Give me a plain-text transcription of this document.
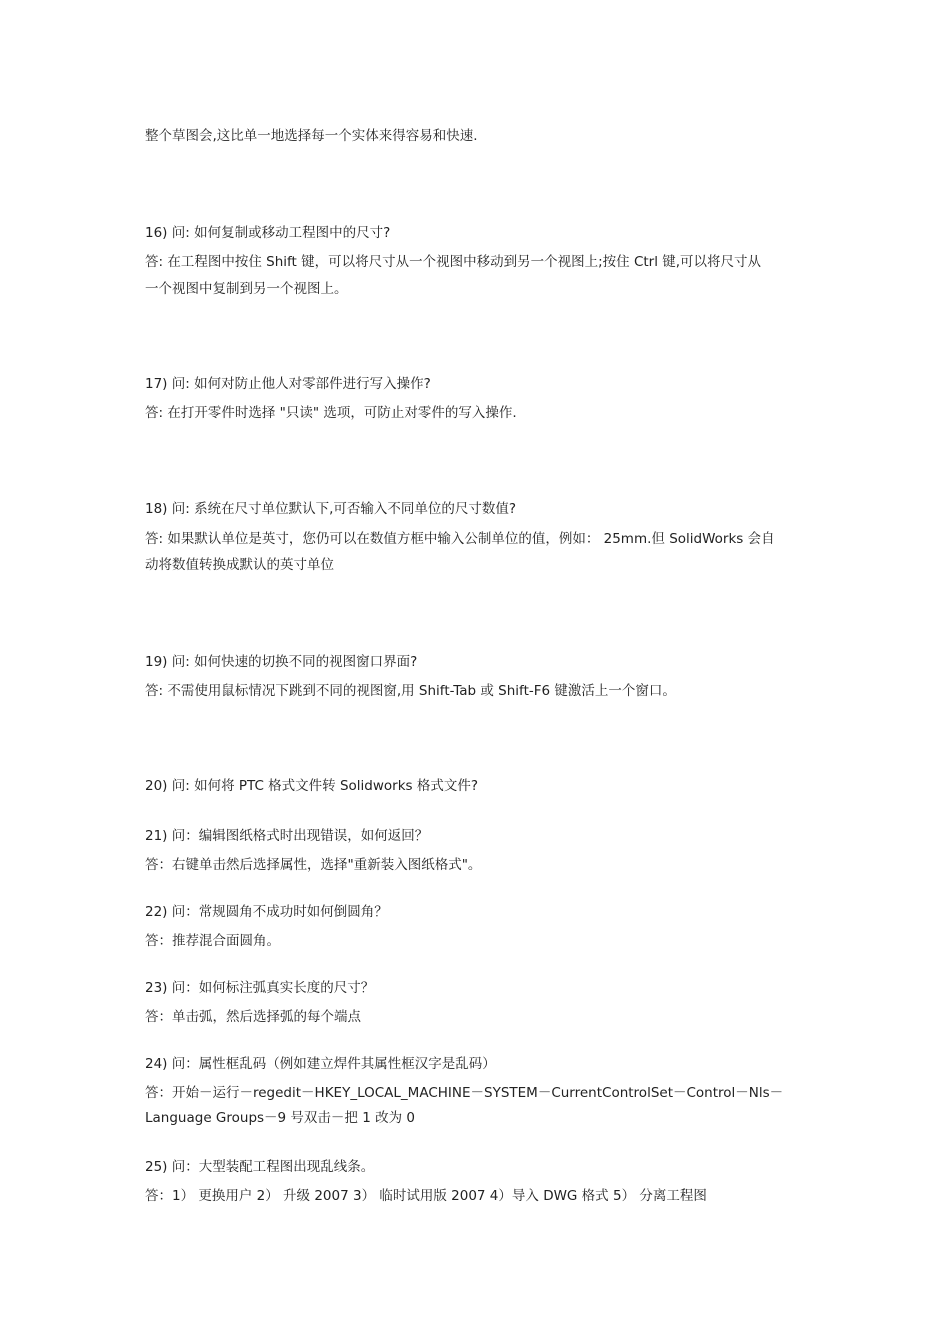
整个草图会,这比单一地选择每一个实体来得容易和快速.
16) 问: 如何复制或移动工程图中的尺寸?
答: 在工程图中按住 Shift 键，可以将尺寸从一个视图中移动到另一个视图上;按住 Ctrl 键,可以将尺寸从
一个视图中复制到另一个视图上。
17) 问: 如何对防止他人对零部件进行写入操作?
答: 在打开零件时选择 "只读" 选项，可防止对零件的写入操作.
18) 问: 系统在尺寸单位默认下,可否输入不同单位的尺寸数值?
答: 如果默认单位是英寸，您仍可以在数值方框中输入公制单位的值，例如： 25mm.但 SolidWorks 会自
动将数值转换成默认的英寸单位
19) 问: 如何快速的切换不同的视图窗口界面?
答: 不需使用鼠标情况下跳到不同的视图窗,用 Shift-Tab 或 Shift-F6 键激活上一个窗口。
20) 问: 如何将 PTC 格式文件转 Solidworks 格式文件?
21) 问：编辑图纸格式时出现错误，如何返回？
答：右键单击然后选择属性，选择"重新装入图纸格式"。
22) 问：常规圆角不成功时如何倒圆角？
答：推荐混合面圆角。
23) 问：如何标注弧真实长度的尺寸？
答：单击弧，然后选择弧的每个端点
24) 问：属性框乱码（例如建立焊件其属性框汉字是乱码）
答：开始－运行－regedit－HKEY_LOCAL_MACHINE－SYSTEM－CurrentControlSet－Control－Nls－
Language Groups－9 号双击－把 1 改为 0
25) 问：大型装配工程图出现乱线条。
答：1） 更换用户 2） 升级 2007 3） 临时试用版 2007 4）导入 DWG 格式 5） 分离工程图
